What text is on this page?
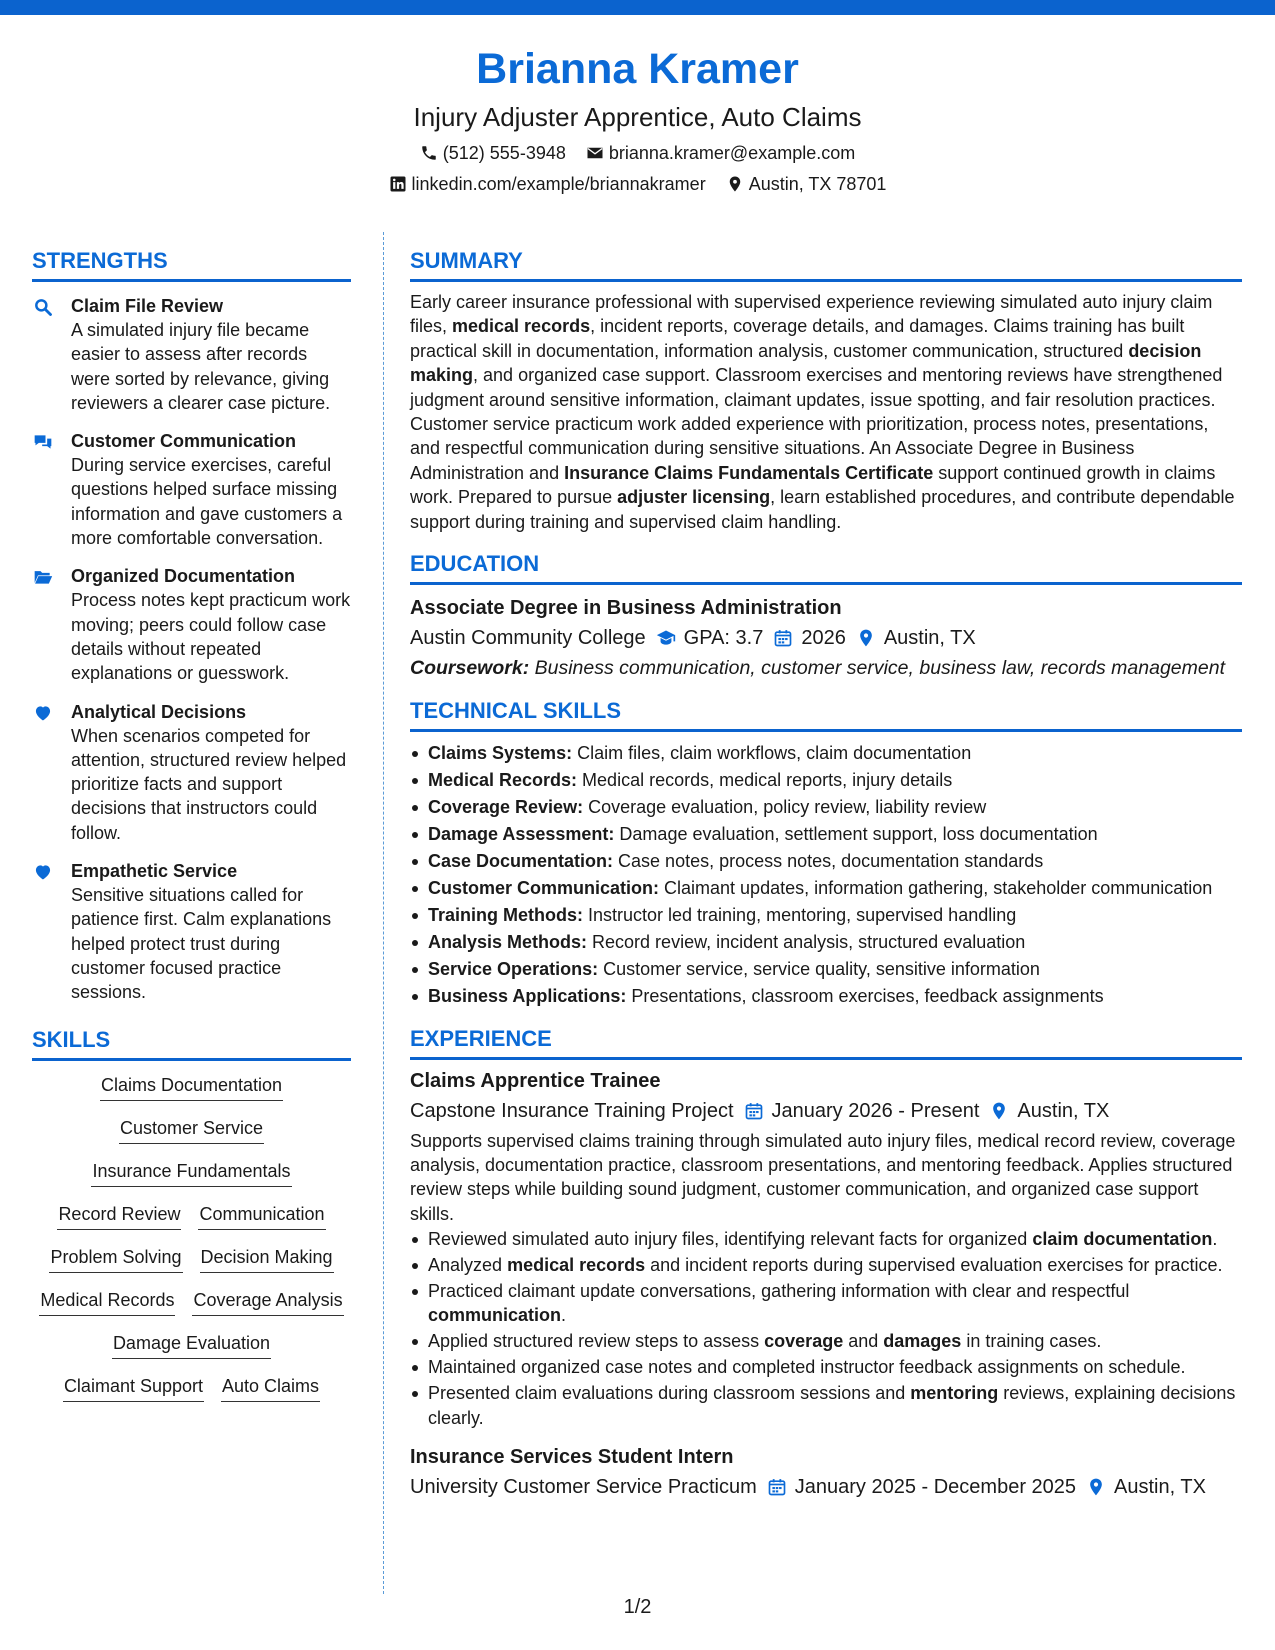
Brianna Kramer
Injury Adjuster Apprentice, Auto Claims
(512) 555-3948 brianna.kramer@example.com
linkedin.com/example/briannakramer Austin, TX 78701
STRENGTHS
Claim File Review
A simulated injury file became easier to assess after records were sorted by relevance, giving reviewers a clearer case picture.
Customer Communication
During service exercises, careful questions helped surface missing information and gave customers a more comfortable conversation.
Organized Documentation
Process notes kept practicum work moving; peers could follow case details without repeated explanations or guesswork.
Analytical Decisions
When scenarios competed for attention, structured review helped prioritize facts and support decisions that instructors could follow.
Empathetic Service
Sensitive situations called for patience first. Calm explanations helped protect trust during customer focused practice sessions.
SKILLS
Claims Documentation
Customer Service
Insurance Fundamentals
Record Review Communication
Problem Solving Decision Making
Medical Records Coverage Analysis
Damage Evaluation
Claimant Support Auto Claims
SUMMARY

Early career insurance professional with supervised experience reviewing simulated auto injury claim files, medical records, incident reports, coverage details, and damages. Claims training has built practical skill in documentation, information analysis, customer communication, structured decision making, and organized case support. Classroom exercises and mentoring reviews have strengthened judgment around sensitive information, claimant updates, issue spotting, and fair resolution practices. Customer service practicum work added experience with prioritization, process notes, presentations, and respectful communication during sensitive situations. An Associate Degree in Business Administration and Insurance Claims Fundamentals Certificate support continued growth in claims work. Prepared to pursue adjuster licensing, learn established procedures, and contribute dependable support during training and supervised claim handling.

EDUCATION
Associate Degree in Business Administration
Austin Community College GPA: 3.7 2026 Austin, TX
Coursework: Business communication, customer service, business law, records management
TECHNICAL SKILLS
Claims Systems: Claim files, claim workflows, claim documentation
Medical Records: Medical records, medical reports, injury details
Coverage Review: Coverage evaluation, policy review, liability review
Damage Assessment: Damage evaluation, settlement support, loss documentation
Case Documentation: Case notes, process notes, documentation standards
Customer Communication: Claimant updates, information gathering, stakeholder communication
Training Methods: Instructor led training, mentoring, supervised handling
Analysis Methods: Record review, incident analysis, structured evaluation
Service Operations: Customer service, service quality, sensitive information
Business Applications: Presentations, classroom exercises, feedback assignments
EXPERIENCE
Claims Apprentice Trainee
Capstone Insurance Training Project January 2026 - Present Austin, TX

Supports supervised claims training through simulated auto injury files, medical record review, coverage analysis, documentation practice, classroom presentations, and mentoring feedback. Applies structured review steps while building sound judgment, customer communication, and organized case support skills.

Reviewed simulated auto injury files, identifying relevant facts for organized claim documentation.
Analyzed medical records and incident reports during supervised evaluation exercises for practice.
Practiced claimant update conversations, gathering information with clear and respectful communication.
Applied structured review steps to assess coverage and damages in training cases.
Maintained organized case notes and completed instructor feedback assignments on schedule.
Presented claim evaluations during classroom sessions and mentoring reviews, explaining decisions clearly.
Insurance Services Student Intern
University Customer Service Practicum January 2025 - December 2025 Austin, TX
1/2
